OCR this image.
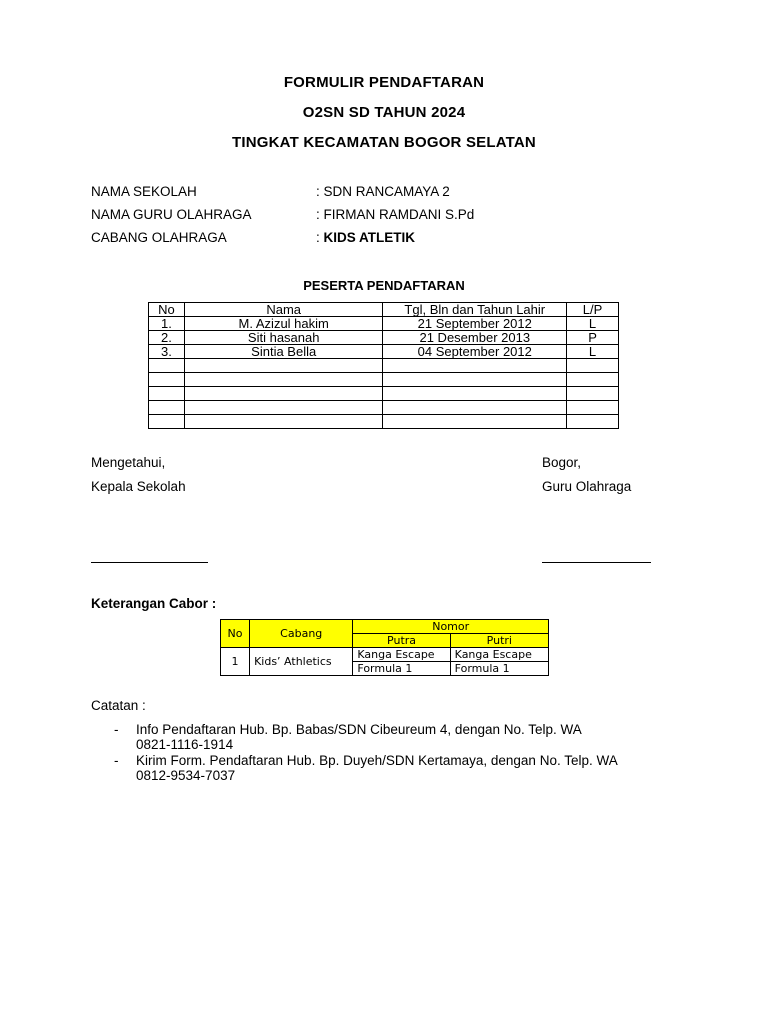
FORMULIR PENDAFTARAN
O2SN SD TAHUN 2024
TINGKAT KECAMATAN BOGOR SELATAN
NAMA SEKOLAH	: SDN RANCAMAYA 2
NAMA GURU OLAHRAGA	: FIRMAN RAMDANI S.Pd
CABANG OLAHRAGA	: KIDS ATLETIK
PESERTA PENDAFTARAN
No	Nama	Tgl, Bln dan Tahun Lahir	L/P
1.	M. Azizul hakim	21 September 2012	L
2.	Siti hasanah	21 Desember 2013	P
3.	Sintia Bella	04 September 2012	L

Mengetahui,
Kepala Sekolah
Bogor,
Guru Olahraga
Keterangan Cabor :
No	Cabang	Nomor	
		Putra	Putri
1	Kids’ Athletics	Kanga Escape	Kanga Escape
		Formula 1	Formula 1
Catatan :
- Info Pendaftaran Hub. Bp. Babas/SDN Cibeureum 4, dengan No. Telp. WA
0821-1116-1914
- Kirim Form. Pendaftaran Hub. Bp. Duyeh/SDN Kertamaya, dengan No. Telp. WA
0812-9534-7037
